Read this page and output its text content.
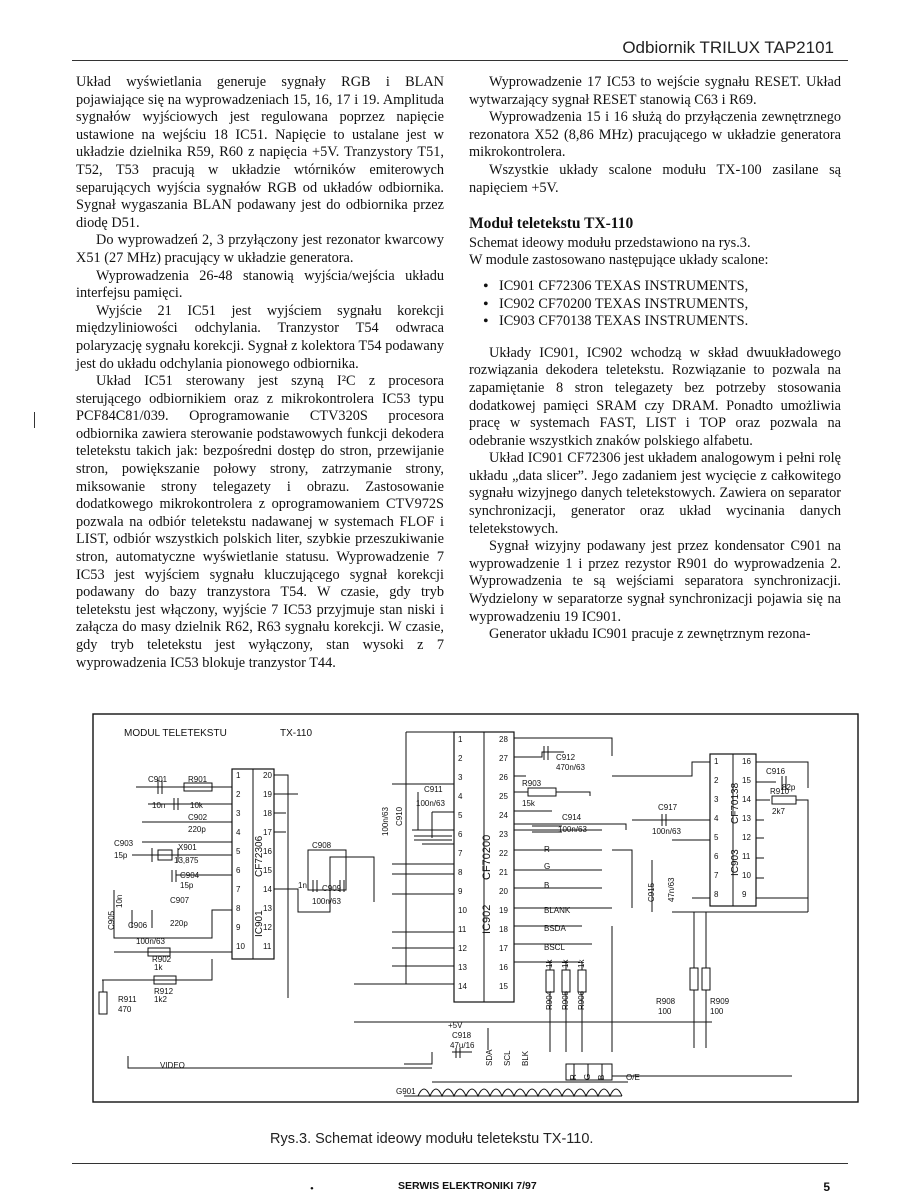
Odbiornik TRILUX TAP2101

Układ wyświetlania generuje sygnały RGB i BLAN pojawiające się na wyprowadzeniach 15, 16, 17 i 19. Amplituda sygnałów wyjściowych jest regulowana poprzez napięcie ustawione na wejściu 18 IC51. Napięcie to ustalane jest w układzie dzielnika R59, R60 z napięcia +5V. Tranzystory T51, T52, T53 pracują w układzie wtórników emiterowych separujących wyjścia sygnałów RGB od układów odbiornika. Sygnał wygaszania BLAN podawany jest do odbiornika przez diodę D51.

Do wyprowadzeń 2, 3 przyłączony jest rezonator kwarcowy X51 (27 MHz) pracujący w układzie generatora.

Wyprowadzenia 26-48 stanowią wyjścia/wejścia układu interfejsu pamięci.

Wyjście 21 IC51 jest wyjściem sygnału korekcji międzyliniowości odchylania. Tranzystor T54 odwraca polaryzację sygnału korekcji. Sygnał z kolektora T54 podawany jest do układu odchylania pionowego odbiornika.

Układ IC51 sterowany jest szyną I²C z procesora sterującego odbiornikiem oraz z mikrokontrolera IC53 typu PCF84C81/039. Oprogramowanie CTV320S procesora odbiornika zawiera sterowanie podstawowych funkcji dekodera teletekstu takich jak: bezpośredni dostęp do stron, przewijanie stron, powiększanie połowy strony, zatrzymanie strony, miksowanie strony telegazety i obrazu. Zastosowanie dodatkowego mikrokontrolera z oprogramowaniem CTV972S pozwala na odbiór teletekstu nadawanej w systemach FLOF i LIST, odbiór wszystkich polskich liter, szybkie przeszukiwanie stron, automatyczne wyświetlanie statusu. Wyprowadzenie 7 IC53 jest wyjściem sygnału kluczującego sygnał korekcji podawany do bazy tranzystora T54. W czasie, gdy tryb teletekstu jest włączony, wyjście 7 IC53 przyjmuje stan niski i załącza do masy dzielnik R62, R63 sygnału korekcji. W czasie, gdy tryb teletekstu jest wyłączony, stan wysoki z 7 wyprowadzenia IC53 blokuje tranzystor T44.

Wyprowadzenie 17 IC53 to wejście sygnału RESET. Układ wytwarzający sygnał RESET stanowią C63 i R69.

Wyprowadzenia 15 i 16 służą do przyłączenia zewnętrznego rezonatora X52 (8,86 MHz) pracującego w układzie generatora mikrokontrolera.

Wszystkie układy scalone modułu TX-100 zasilane są napięciem +5V.

Moduł teletekstu TX-110

Schemat ideowy modułu przedstawiono na rys.3.

W module zastosowano następujące układy scalone:

• IC901 CF72306 TEXAS INSTRUMENTS,
• IC902 CF70200 TEXAS INSTRUMENTS,
• IC903 CF70138 TEXAS INSTRUMENTS.

Układy IC901, IC902 wchodzą w skład dwuukładowego rozwiązania dekodera teletekstu. Rozwiązanie to pozwala na zapamiętanie 8 stron telegazety bez potrzeby stosowania dodatkowej pamięci SRAM czy DRAM. Ponadto umożliwia pracę w systemach FAST, LIST i TOP oraz pozwala na odebranie wszystkich znaków polskiego alfabetu.

Układ IC901 CF72306 jest układem analogowym i pełni rolę układu „data slicer”. Jego zadaniem jest wycięcie z całkowitego sygnału wizyjnego danych teletekstowych. Zawiera on separator synchronizacji, generator oraz układ wycinania danych teletekstowych.

Sygnał wizyjny podawany jest przez kondensator C901 na wyprowadzenie 1 i przez rezystor R901 do wyprowadzenia 2. Wyprowadzenia te są wejściami separatora synchronizacji. Wydzielony w separatorze sygnał synchronizacji pojawia się na wyprowadzeniu 19 IC901.

Generator układu IC901 pracuje z zewnętrznym rezona-

MODUL TELETEKSTU	TX-110
CF72306
IC901
1
2
3
4
5
6
7
8
9
10
20
19
18
17
16
15
14
13
12
11
CF70200
IC902
1
2
3
4
5
6
7
8
9
10
11
12
13
14
28
27
26
25
24
23
22
21
20
19
18
17
16
15
CF70138
IC903
1
2
3
4
5
6
7
8
16
15
14
13
12
11
10
9
C901	R901
10n	10k
C902
220p
C903
15p
X901
13,875
C904
15p
C907
220p
C905
10n
C906
100n/63
R902
1k
R912
1k2
R911
470
C908
1n C909
100n/63
100n/63 C910
C911
100n/63
C912
470n/63
R903
15k
C914
100n/63
C917
100n/63
C915 47n/63
C916
82p
R910
2k7
+5V
C918
47u/16
R904 R905 R906
1k 1k 1k
R908
100
R909
100
R
G
B
BLANK
BSDA
BSCL
VIDEO
G901
SDA SCL BLK
R G B	O/E
Rys.3. Schemat ideowy modułu teletekstu TX-110.
•	SERWIS ELEKTRONIKI 7/97	5
